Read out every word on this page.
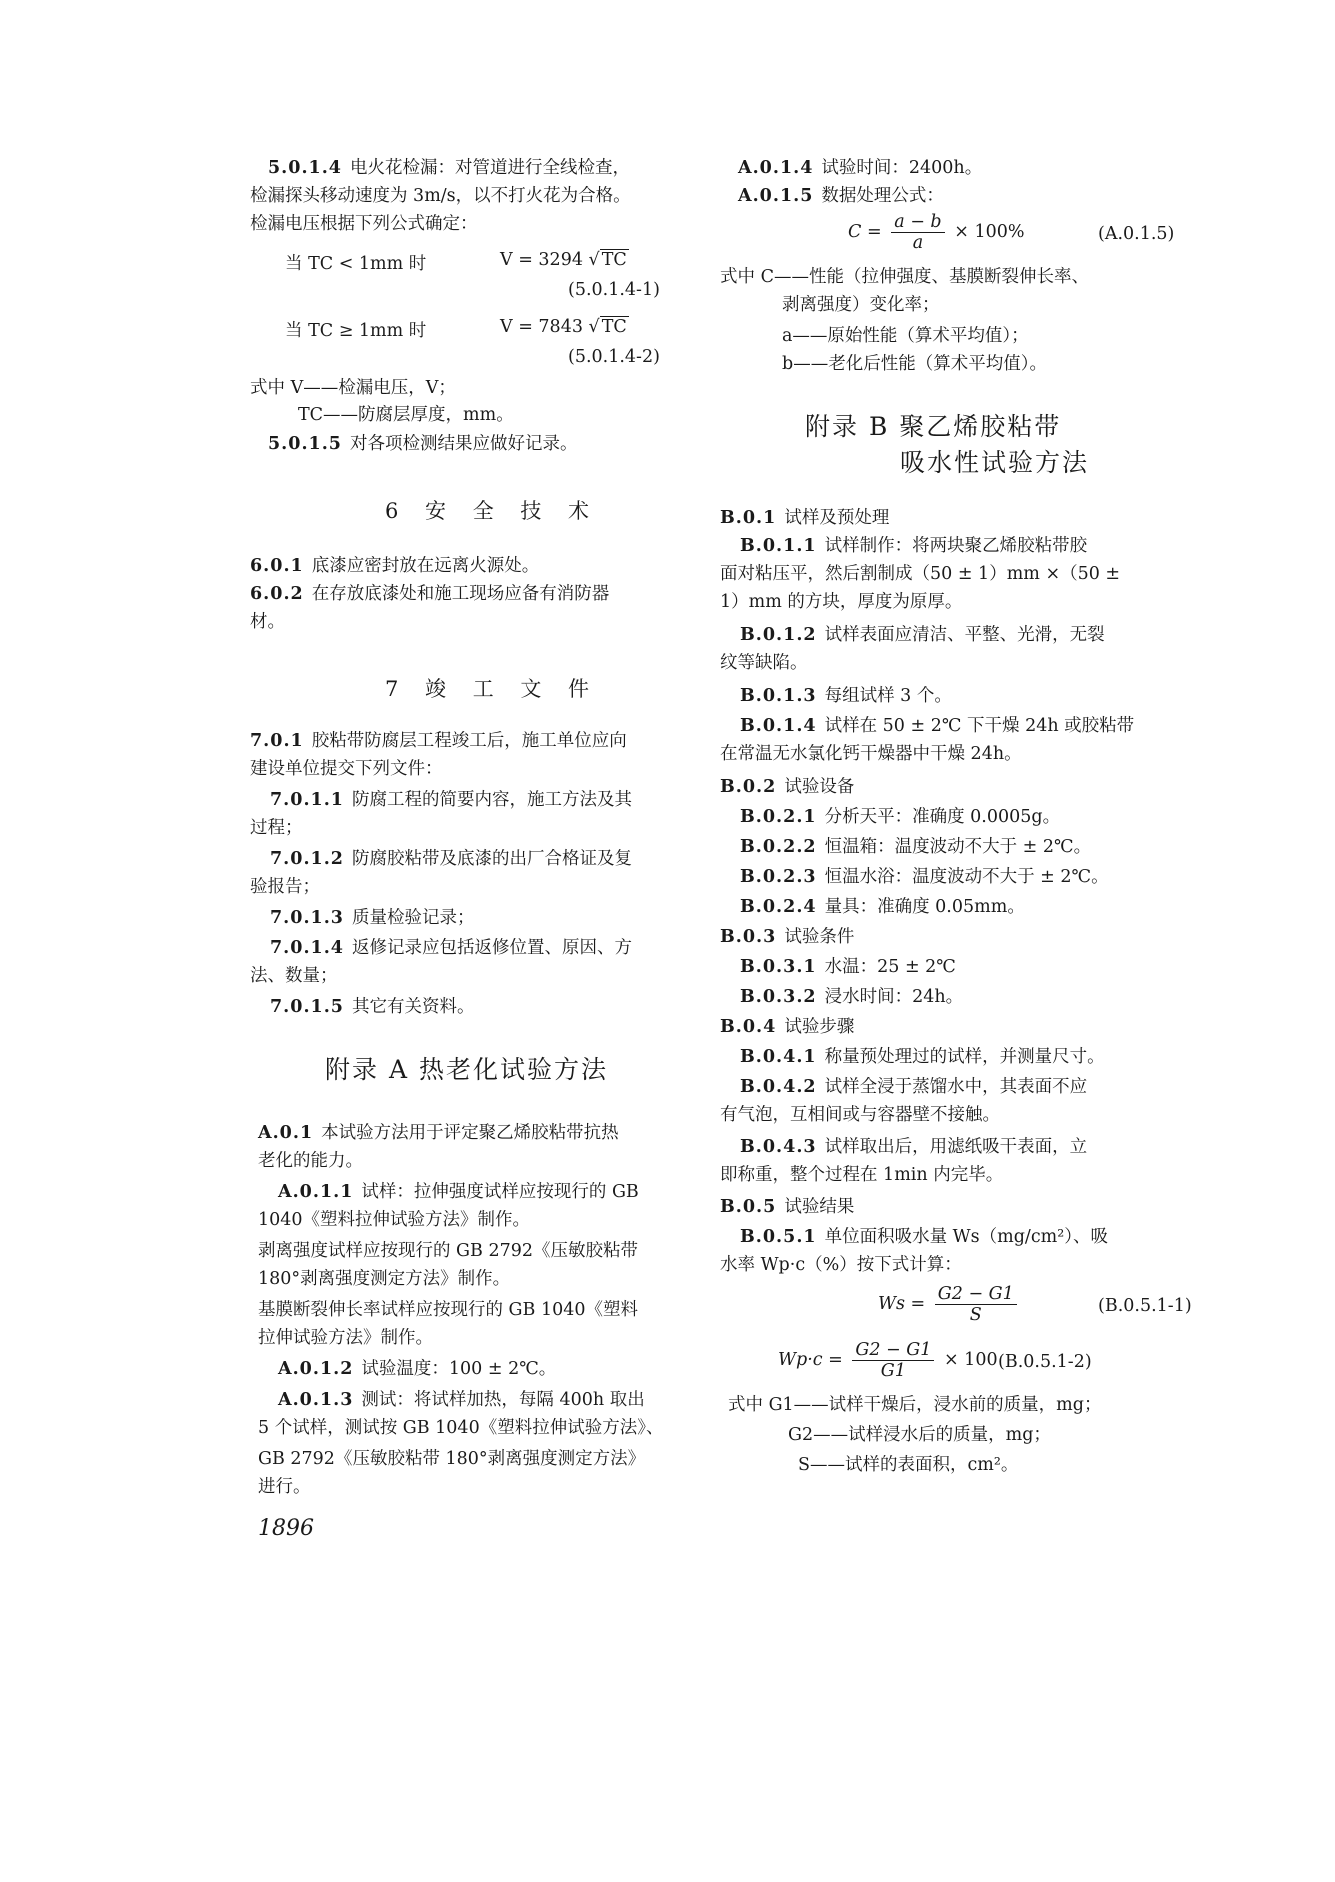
5.0.1.4 电火花检漏：对管道进行全线检查，
检漏探头移动速度为 3m/s，以不打火花为合格。
检漏电压根据下列公式确定：
当 TC < 1mm 时	V = 3294 √ TC
(5.0.1.4-1)
当 TC ≥ 1mm 时	V = 7843 √ TC
(5.0.1.4-2)
式中 V——检漏电压，V；
TC——防腐层厚度，mm。
5.0.1.5 对各项检测结果应做好记录。
6 安 全 技 术
6.0.1 底漆应密封放在远离火源处。
6.0.2 在存放底漆处和施工现场应备有消防器
材。
7 竣 工 文 件
7.0.1 胶粘带防腐层工程竣工后，施工单位应向
建设单位提交下列文件：
7.0.1.1 防腐工程的简要内容，施工方法及其
过程；
7.0.1.2 防腐胶粘带及底漆的出厂合格证及复
验报告；
7.0.1.3 质量检验记录；
7.0.1.4 返修记录应包括返修位置、原因、方
法、数量；
7.0.1.5 其它有关资料。
附录 A 热老化试验方法
A.0.1 本试验方法用于评定聚乙烯胶粘带抗热
老化的能力。
A.0.1.1 试样：拉伸强度试样应按现行的 GB
1040《塑料拉伸试验方法》制作。
剥离强度试样应按现行的 GB 2792《压敏胶粘带
180°剥离强度测定方法》制作。
基膜断裂伸长率试样应按现行的 GB 1040《塑料
拉伸试验方法》制作。
A.0.1.2 试验温度：100 ± 2℃。
A.0.1.3 测试：将试样加热，每隔 400h 取出
5 个试样，测试按 GB 1040《塑料拉伸试验方法》、
GB 2792《压敏胶粘带 180°剥离强度测定方法》
进行。
1896
A.0.1.4 试验时间：2400h。
A.0.1.5 数据处理公式：
$C = \frac{a - b}{a} \times 100\%$	(A.0.1.5)
式中 C——性能（拉伸强度、基膜断裂伸长率、
剥离强度）变化率；
a——原始性能（算术平均值）；
b——老化后性能（算术平均值）。
附录 B 聚乙烯胶粘带
吸水性试验方法
B.0.1 试样及预处理
B.0.1.1 试样制作：将两块聚乙烯胶粘带胶
面对粘压平，然后割制成（50 ± 1）mm ×（50 ±
1）mm 的方块，厚度为原厚。
B.0.1.2 试样表面应清洁、平整、光滑，无裂
纹等缺陷。
B.0.1.3 每组试样 3 个。
B.0.1.4 试样在 50 ± 2℃ 下干燥 24h 或胶粘带
在常温无水氯化钙干燥器中干燥 24h。
B.0.2 试验设备
B.0.2.1 分析天平：准确度 0.0005g。
B.0.2.2 恒温箱：温度波动不大于 ± 2℃。
B.0.2.3 恒温水浴：温度波动不大于 ± 2℃。
B.0.2.4 量具：准确度 0.05mm。
B.0.3 试验条件
B.0.3.1 水温：25 ± 2℃
B.0.3.2 浸水时间：24h。
B.0.4 试验步骤
B.0.4.1 称量预处理过的试样，并测量尺寸。
B.0.4.2 试样全浸于蒸馏水中，其表面不应
有气泡，互相间或与容器壁不接触。
B.0.4.3 试样取出后，用滤纸吸干表面，立
即称重，整个过程在 1min 内完毕。
B.0.5 试验结果
B.0.5.1 单位面积吸水量 Ws（mg/cm²）、吸
水率 Wp·c（%）按下式计算：
$Ws = \frac{G2 - G1}{S}$	(B.0.5.1-1)
$Wp\cdot c = \frac{G2 - G1}{G1} \times 100$ (B.0.5.1-2)
式中 G1——试样干燥后，浸水前的质量，mg；
G2——试样浸水后的质量，mg；
S——试样的表面积，cm²。
